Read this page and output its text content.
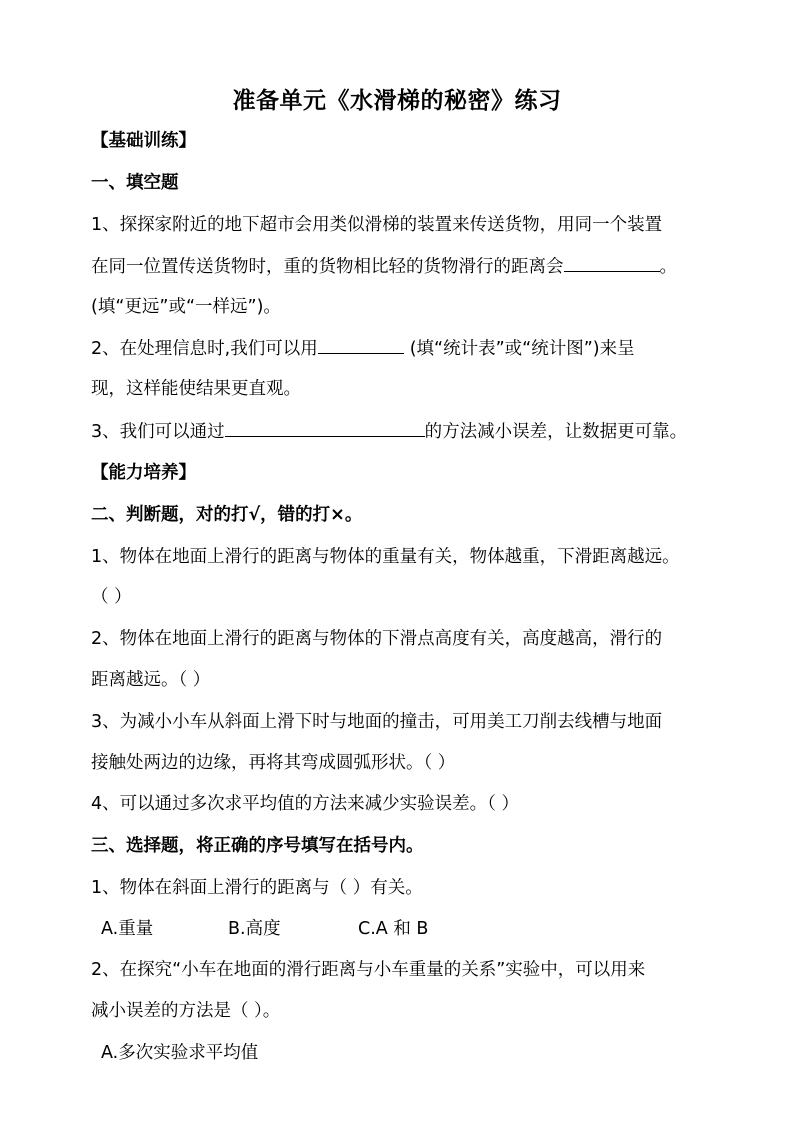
准备单元《水滑梯的秘密》练习
【基础训练】
一、填空题
1、探探家附近的地下超市会用类似滑梯的装置来传送货物，用同一个装置
在同一位置传送货物时，重的货物相比轻的货物滑行的距离会	。
(填“更远”或“一样远”)。
2、在处理信息时,我们可以用	(填“统计表”或“统计图”)来呈
现，这样能使结果更直观。
3、我们可以通过	的方法减小误差，让数据更可靠。
【能力培养】
二、判断题，对的打√，错的打×。
1、物体在地面上滑行的距离与物体的重量有关，物体越重，下滑距离越远。
（ ）
2、物体在地面上滑行的距离与物体的下滑点高度有关，高度越高，滑行的
距离越远。（ ）
3、为减小小车从斜面上滑下时与地面的撞击，可用美工刀削去线槽与地面
接触处两边的边缘，再将其弯成圆弧形状。（ ）
4、可以通过多次求平均值的方法来减少实验误差。（ ）
三、选择题，将正确的序号填写在括号内。
1、物体在斜面上滑行的距离与（ ）有关。
A.重量	B.高度	C.A 和 B
2、在探究“小车在地面的滑行距离与小车重量的关系”实验中，可以用来
减小误差的方法是（ ）。
A.多次实验求平均值
